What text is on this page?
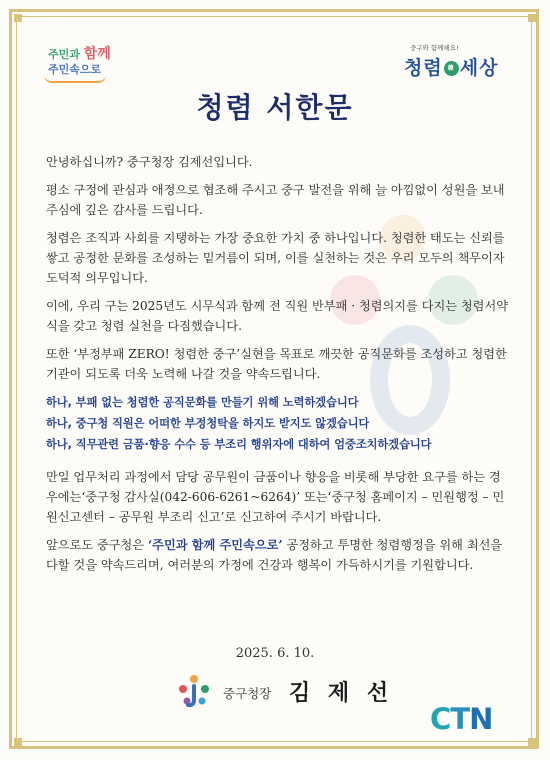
주민과 함께
주민속으로
중구와 함께해요!
청렴 韓 세상
청렴 서한문

안녕하십니까? 중구청장 김제선입니다.

평소 구정에 관심과 애정으로 협조해 주시고 중구 발전을 위해 늘 아낌없이 성원을 보내주심에 깊은 감사를 드립니다.

청렴은 조직과 사회를 지탱하는 가장 중요한 가치 중 하나입니다. 청렴한 태도는 신뢰를 쌓고 공정한 문화를 조성하는 밑거름이 되며, 이를 실천하는 것은 우리 모두의 책무이자 도덕적 의무입니다.

이에, 우리 구는 2025년도 시무식과 함께 전 직원 반부패 · 청렴의지를 다지는 청렴서약식을 갖고 청렴 실천을 다짐했습니다.

또한 ‘부정부패 ZERO! 청렴한 중구’실현을 목표로 깨끗한 공직문화를 조성하고 청렴한 기관이 되도록 더욱 노력해 나갈 것을 약속드립니다.

하나, 부패 없는 청렴한 공직문화를 만들기 위해 노력하겠습니다

하나, 중구청 직원은 어떠한 부정청탁을 하지도 받지도 않겠습니다

하나, 직무관련 금품·향응 수수 등 부조리 행위자에 대하여 엄중조치하겠습니다

만일 업무처리 과정에서 담당 공무원이 금품이나 향응을 비롯해 부당한 요구를 하는 경우에는‘중구청 감사실(042-606-6261~6264)’ 또는‘중구청 홈페이지 – 민원행정 – 민원신고센터 – 공무원 부조리 신고’로 신고하여 주시기 바랍니다.

앞으로도 중구청은 ‘주민과 함께 주민속으로’ 공정하고 투명한 청렴행정을 위해 최선을 다할 것을 약속드리며, 여러분의 가정에 건강과 행복이 가득하시기를 기원합니다.

2025. 6. 10.
중구청장 김 제 선
CTN
